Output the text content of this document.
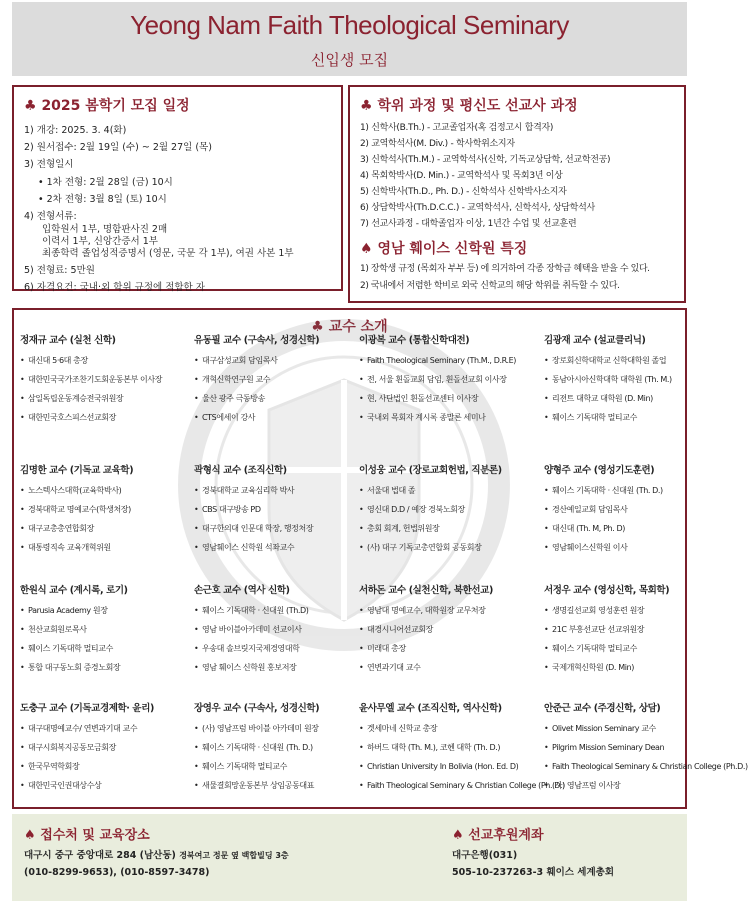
Yeong Nam Faith Theological Seminary
신입생 모집
♣ 2025 봄학기 모집 일정
1) 개강: 2025. 3. 4(화)
2) 원서접수: 2월 19일 (수) ~ 2월 27일 (목)
3) 전형일시
• 1차 전형: 2월 28일 (금) 10시
• 2차 전형: 3월 8일 (토) 10시
4) 전형서류:
입학원서 1부, 명함판사진 2매
이력서 1부, 신앙간증서 1부
최종학력 졸업성적증명서 (영문, 국문 각 1부), 여권 사본 1부
5) 전형료: 5만원
6) 자격요건: 국내·외 학위 규정에 적합한 자
♣ 학위 과정 및 평신도 선교사 과정
1) 신학사(B.Th.) - 고교졸업자(혹 검정고시 합격자)
2) 교역학석사(M. Div.) - 학사학위소지자
3) 신학석사(Th.M.) - 교역학석사(신학, 기독교상담학, 선교학전공)
4) 목회학박사(D. Min.) - 교역학석사 및 목회3년 이상
5) 신학박사(Th.D., Ph. D.) - 신학석사 신학박사소지자
6) 상담학박사(Th.D.C.C.) - 교역학석사, 신학석사, 상담학석사
7) 선교사과정 - 대학졸업자 이상, 1년간 수업 및 선교훈련
♠ 영남 훼이스 신학원 특징
1) 장학생 규정 (목회자 부부 등) 에 의거하여 각종 장학금 혜택을 받을 수 있다.
2) 국내에서 저렴한 학비로 외국 신학교의 해당 학위를 취득할 수 있다.
♣ 교수 소개
정재규 교수 (실천 신학)
• 대신대 5·6대 총장
• 대한민국국가조찬기도회운동본부 이사장
• 삼일독립운동계승전국위원장
• 대한민국호스피스선교회장
유동필 교수 (구속사, 성경신학)
• 대구삼성교회 담임목사
• 개혁신학연구원 교수
• 울산 광주 극동방송
• CTS에세이 강사
이광복 교수 (통합신학대전)
• Faith Theological Seminary (Th.M., D.R.E)
• 전, 서울 흰돌교회 담임, 흰돌선교회 이사장
• 현, 사단법인 흰돌선교센터 이사장
• 국내외 목회자 계시록 종말론 세미나
김광재 교수 (설교클리닉)
• 장로회신학대학교 신학대학원 졸업
• 동남아시아신학대학 대학원 (Th. M.)
• 리젼트 대학교 대학원 (D. Min)
• 훼이스 기독대학 멀티교수
김명한 교수 (기독교 교육학)
• 노스텍사스대학(교육학박사)
• 경북대학교 명예교수(학생처장)
• 대구교총총연합회장
• 대통령직속 교육개혁위원
곽형식 교수 (조직신학)
• 경북대학교 교육심리학 박사
• CBS 대구방송 PD
• 대구한의대 인문대 학장, 행정처장
• 영남훼이스 신학원 석좌교수
이성웅 교수 (장로교회헌법, 직분론)
• 서울대 법대 졸
• 영신대 D.D / 예장 경북노회장
• 총회 회계, 헌법위원장
• (사) 대구 기독교총연합회 공동회장
양형주 교수 (영성기도훈련)
• 훼이스 기독대학 · 신대원 (Th. D.)
• 경산예일교회 담임목사
• 대신대 (Th. M, Ph. D)
• 영남훼이스신학원 이사
한원식 교수 (계시록, 로기)
• Parusia Academy 원장
• 천산교회원로목사
• 훼이스 기독대학 멀티교수
• 통합 대구동노회 증경노회장
손근호 교수 (역사 신학)
• 훼이스 기독대학 · 신대원 (Th.D)
• 영남 바이블아카데미 선교이사
• 우송대 솔브릿지국제경영대학
• 영남 훼이스 신학원 홍보저장
서하돈 교수 (실천신학, 북한선교)
• 영남대 명예교수, 대학원장 교무처장
• 대경시니어선교회장
• 미래대 총장
• 연변과기대 교수
서정우 교수 (영성신학, 목회학)
• 생명길선교회 영성훈련 원장
• 21C 부흥선교단 선교위원장
• 훼이스 기독대학 멀티교수
• 국제개혁신학원 (D. Min)
도충구 교수 (기독교경제학· 윤리)
• 대구대명예교수/ 연변과기대 교수
• 대구시회복지공동모금회장
• 한국무역학회장
• 대한민국인권대상수상
장영우 교수 (구속사, 성경신학)
• (사) 영남프럼 바이블 아카데미 원장
• 훼이스 기독대학 · 신대원 (Th. D.)
• 훼이스 기독대학 멀티교수
• 새물결회망운동본부 상임공동대표
윤사무엘 교수 (조직신학, 역사신학)
• 겟세마네 신학교 총장
• 하버드 대학 (Th. M.), 코헨 대학 (Th. D.)
• Christian University In Bolivia (Hon. Ed. D)
• Faith Theological Seminary & Christian College (Ph. D.)
안준근 교수 (주경신학, 상담)
• Olivet Mission Seminary 교수
• Pilgrim Mission Seminary Dean
• Faith Theological Seminary & Christian College (Ph.D.)
• (사) 영남프럼 이사장
♠ 접수처 및 교육장소
대구시 중구 중앙대로 284 (남산동) 경북여고 정문 옆 백합빌딩 3층
(010-8299-9653), (010-8597-3478)
♠ 선교후원계좌
대구은행(031)
505-10-237263-3 훼이스 세계총회
